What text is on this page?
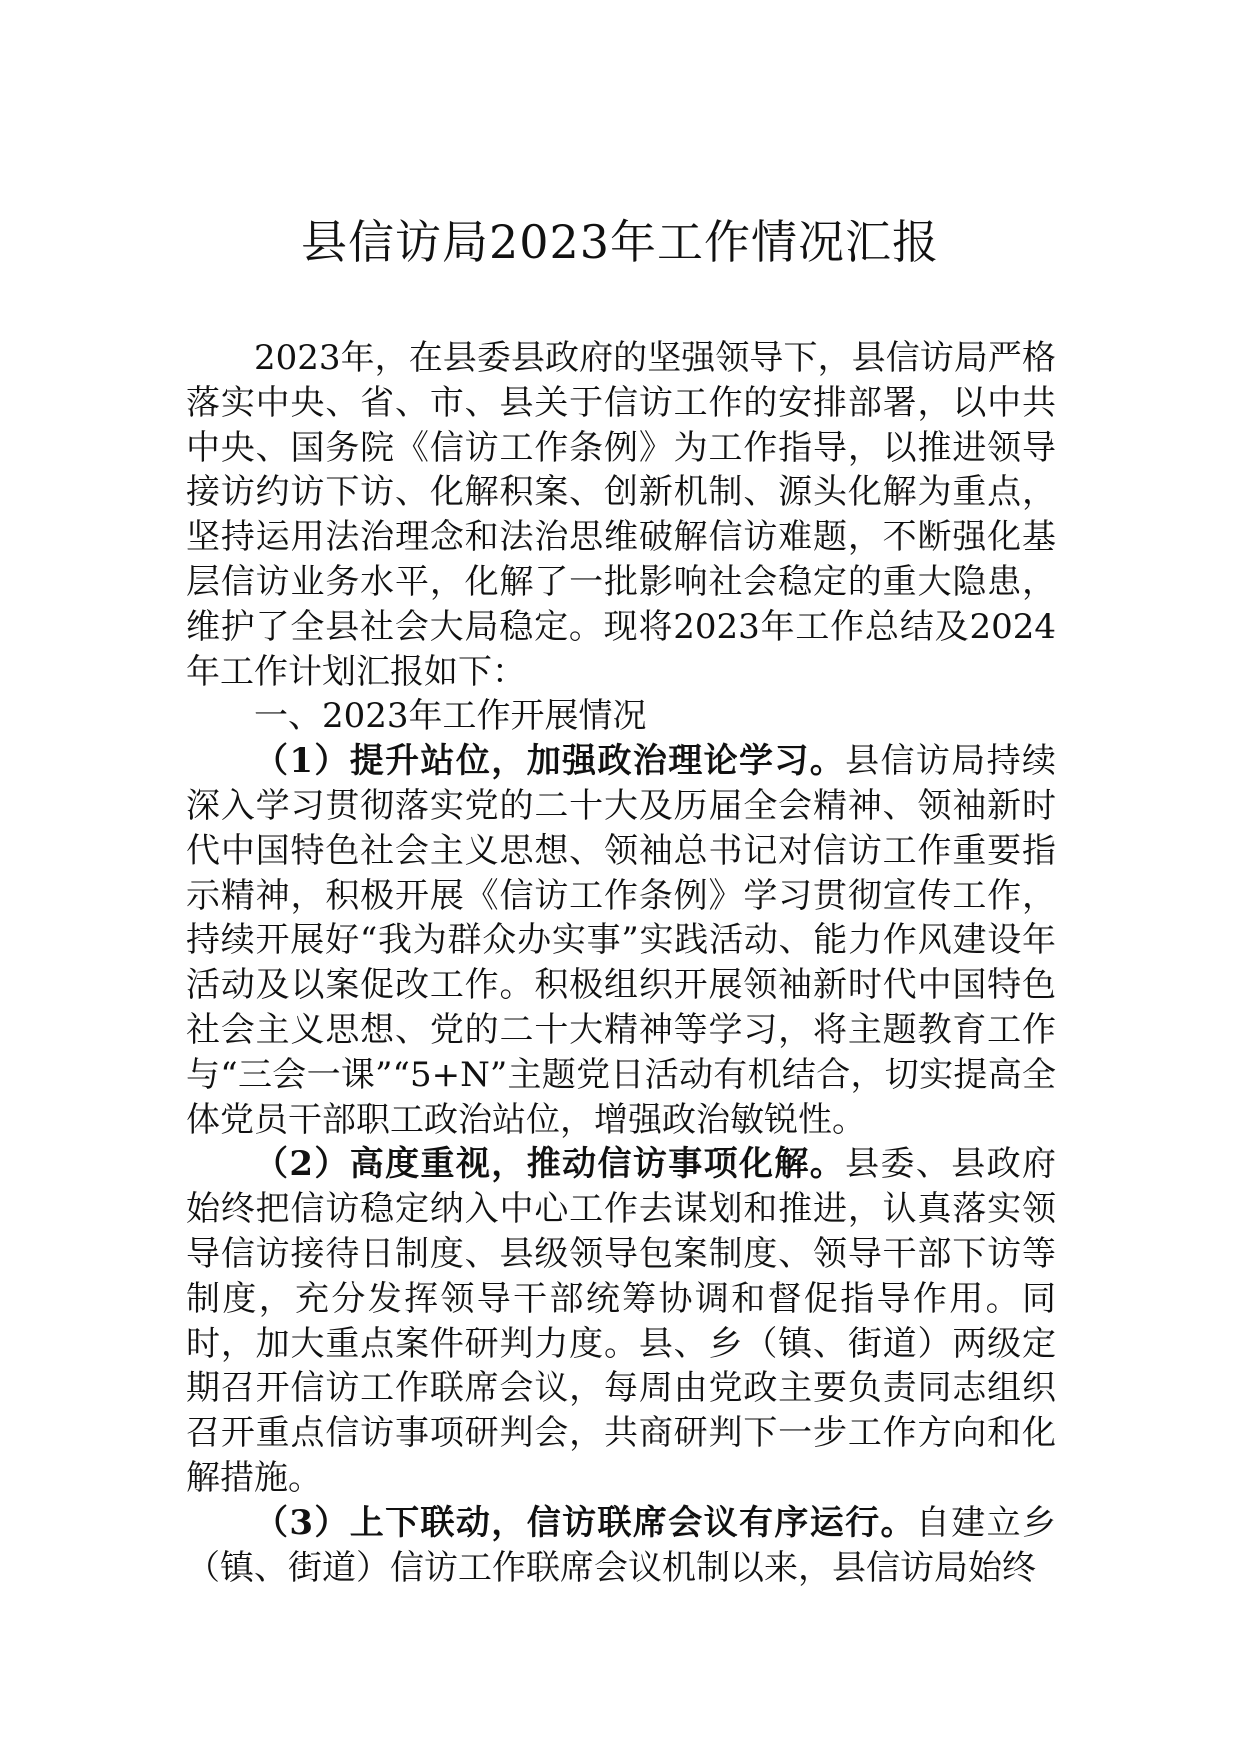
县信访局2023年工作情况汇报

2023年，在县委县政府的坚强领导下，县信访局严格落实中央、省、市、县关于信访工作的安排部署，以中共中央、国务院《信访工作条例》为工作指导，以推进领导接访约访下访、化解积案、创新机制、源头化解为重点，坚持运用法治理念和法治思维破解信访难题，不断强化基层信访业务水平，化解了一批影响社会稳定的重大隐患，维护了全县社会大局稳定。现将2023年工作总结及2024年工作计划汇报如下：

一、2023年工作开展情况

（1）提升站位，加强政治理论学习。县信访局持续深入学习贯彻落实党的二十大及历届全会精神、领袖新时代中国特色社会主义思想、领袖总书记对信访工作重要指示精神，积极开展《信访工作条例》学习贯彻宣传工作，持续开展好“我为群众办实事”实践活动、能力作风建设年活动及以案促改工作。积极组织开展领袖新时代中国特色社会主义思想、党的二十大精神等学习，将主题教育工作与“三会一课”“5+N”主题党日活动有机结合，切实提高全体党员干部职工政治站位，增强政治敏锐性。

（2）高度重视，推动信访事项化解。县委、县政府始终把信访稳定纳入中心工作去谋划和推进，认真落实领导信访接待日制度、县级领导包案制度、领导干部下访等制度，充分发挥领导干部统筹协调和督促指导作用。同时，加大重点案件研判力度。县、乡（镇、街道）两级定期召开信访工作联席会议，每周由党政主要负责同志组织召开重点信访事项研判会，共商研判下一步工作方向和化解措施。

（3）上下联动，信访联席会议有序运行。自建立乡（镇、街道）信访工作联席会议机制以来，县信访局始终
